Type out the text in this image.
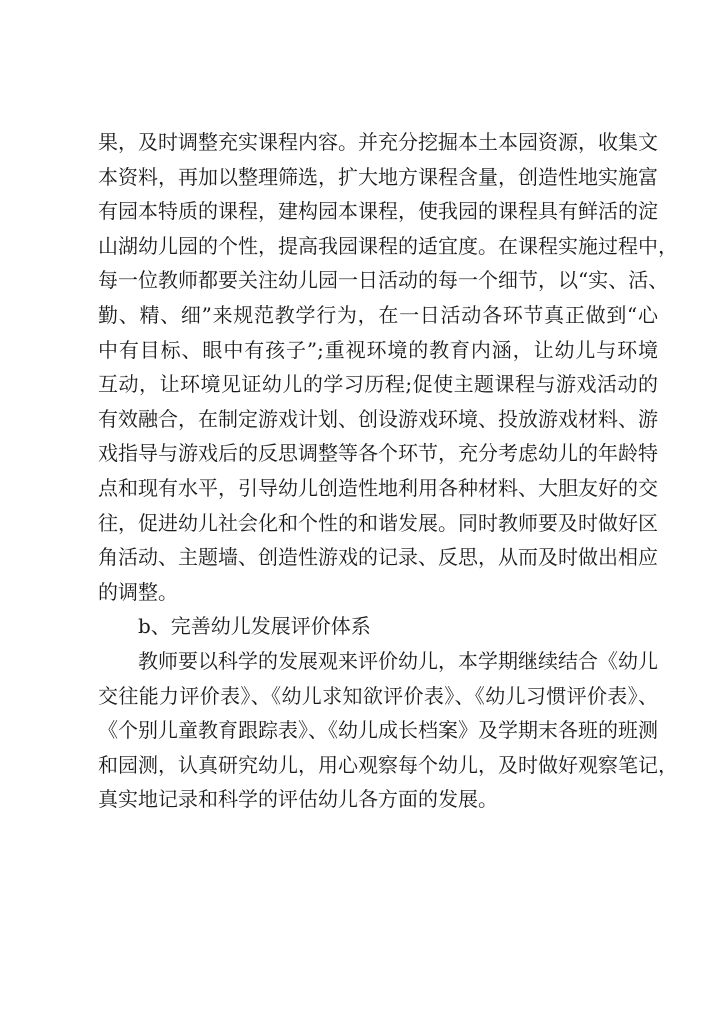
果，及时调整充实课程内容。并充分挖掘本土本园资源，收集文
本资料，再加以整理筛选，扩大地方课程含量，创造性地实施富
有园本特质的课程，建构园本课程，使我园的课程具有鲜活的淀
山湖幼儿园的个性，提高我园课程的适宜度。在课程实施过程中，
每一位教师都要关注幼儿园一日活动的每一个细节，以“实、活、
勤、精、细”来规范教学行为，在一日活动各环节真正做到“心
中有目标、眼中有孩子”;重视环境的教育内涵，让幼儿与环境
互动，让环境见证幼儿的学习历程;促使主题课程与游戏活动的
有效融合，在制定游戏计划、创设游戏环境、投放游戏材料、游
戏指导与游戏后的反思调整等各个环节，充分考虑幼儿的年龄特
点和现有水平，引导幼儿创造性地利用各种材料、大胆友好的交
往，促进幼儿社会化和个性的和谐发展。同时教师要及时做好区
角活动、主题墙、创造性游戏的记录、反思，从而及时做出相应
的调整。
b、完善幼儿发展评价体系
教师要以科学的发展观来评价幼儿，本学期继续结合《幼儿
交往能力评价表》、《幼儿求知欲评价表》、《幼儿习惯评价表》、
《个别儿童教育跟踪表》、《幼儿成长档案》及学期末各班的班测
和园测，认真研究幼儿，用心观察每个幼儿，及时做好观察笔记，
真实地记录和科学的评估幼儿各方面的发展。
